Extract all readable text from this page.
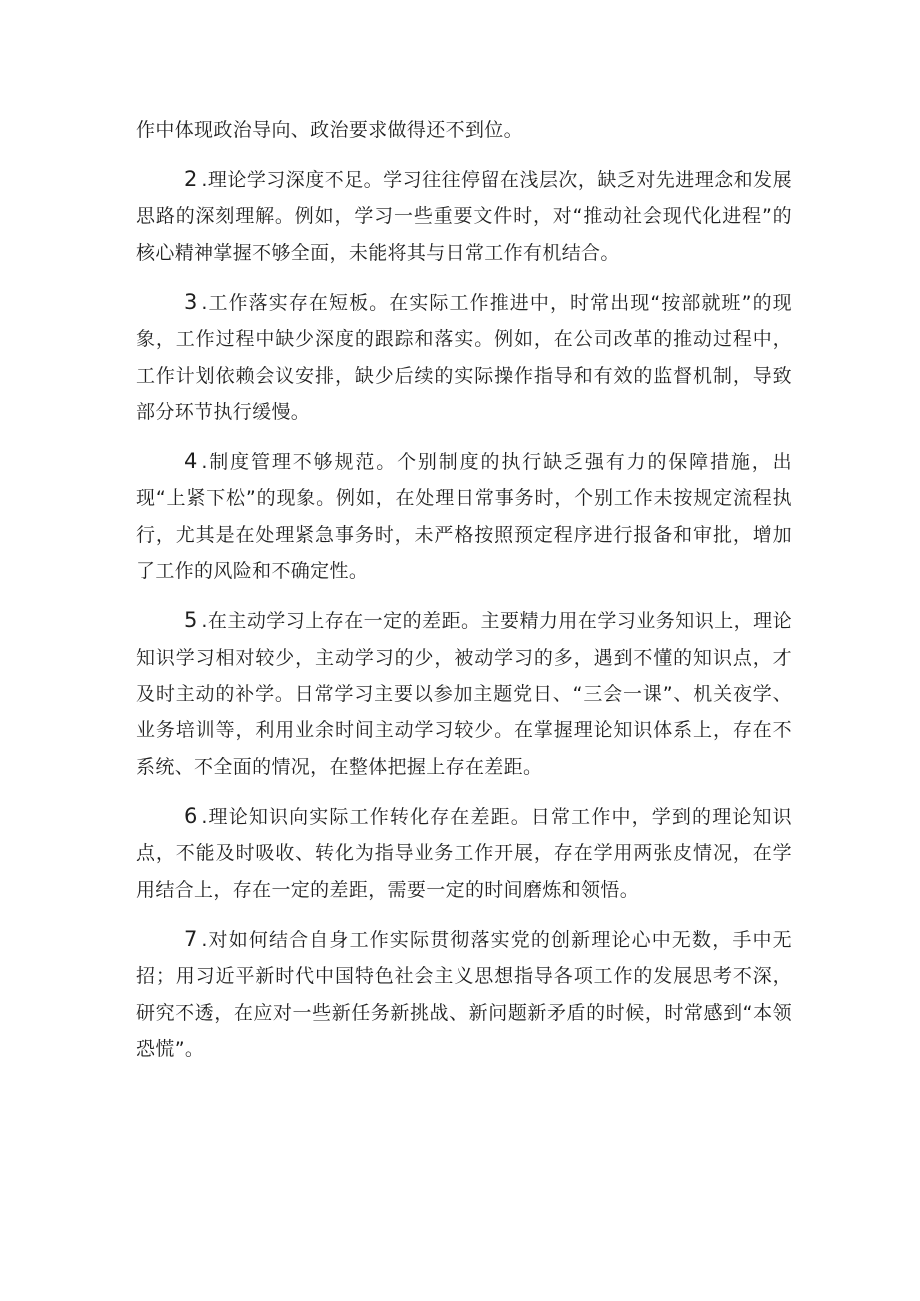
作中体现政治导向、政治要求做得还不到位。

2 .理论学习深度不足。学习往往停留在浅层次，缺乏对先进理念和发展思路的深刻理解。例如，学习一些重要文件时，对“推动社会现代化进程”的核心精神掌握不够全面，未能将其与日常工作有机结合。

3 .工作落实存在短板。在实际工作推进中，时常出现“按部就班”的现象，工作过程中缺少深度的跟踪和落实。例如，在公司改革的推动过程中，工作计划依赖会议安排，缺少后续的实际操作指导和有效的监督机制，导致部分环节执行缓慢。

4 .制度管理不够规范。个别制度的执行缺乏强有力的保障措施，出现“上紧下松”的现象。例如，在处理日常事务时，个别工作未按规定流程执行，尤其是在处理紧急事务时，未严格按照预定程序进行报备和审批，增加了工作的风险和不确定性。

5 .在主动学习上存在一定的差距。主要精力用在学习业务知识上，理论知识学习相对较少，主动学习的少，被动学习的多，遇到不懂的知识点，才及时主动的补学。日常学习主要以参加主题党日、“三会一课”、机关夜学、业务培训等，利用业余时间主动学习较少。在掌握理论知识体系上，存在不系统、不全面的情况，在整体把握上存在差距。

6 .理论知识向实际工作转化存在差距。日常工作中，学到的理论知识点，不能及时吸收、转化为指导业务工作开展，存在学用两张皮情况，在学用结合上，存在一定的差距，需要一定的时间磨炼和领悟。

7 .对如何结合自身工作实际贯彻落实党的创新理论心中无数，手中无招；用习近平新时代中国特色社会主义思想指导各项工作的发展思考不深，研究不透，在应对一些新任务新挑战、新问题新矛盾的时候，时常感到“本领恐慌”。
